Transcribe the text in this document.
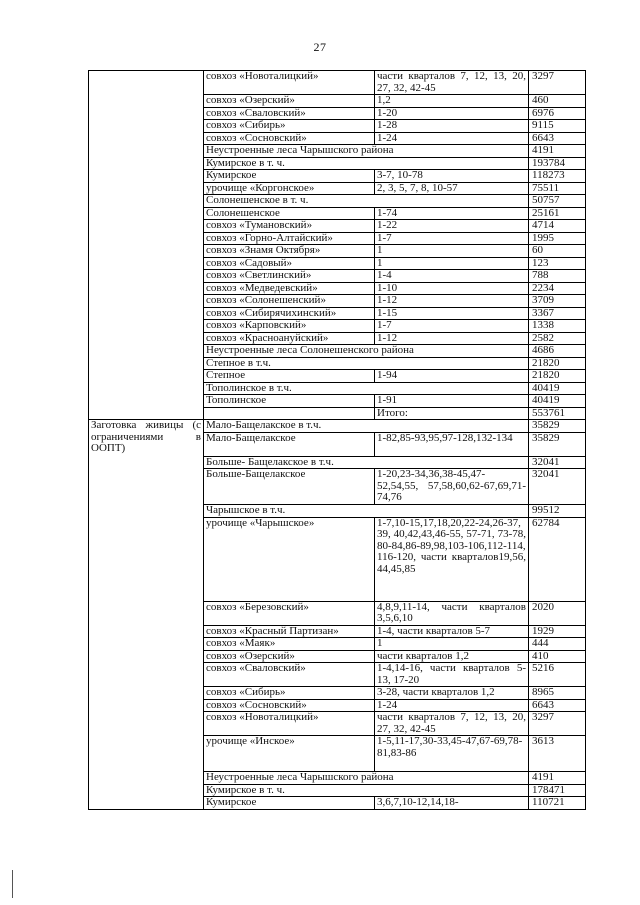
27
	совхоз «Новоталицкий»	части кварталов 7, 12, 13, 20, 27, 32, 42-45	3297
	совхоз «Озерский»	1,2	460
	совхоз «Сваловский»	1-20	6976
	совхоз «Сибирь»	1-28	9115
	совхоз «Сосновский»	1-24	6643
	Неустроенные леса Чарышского района		4191
	Кумирское в т. ч.		193784
	Кумирское	3-7, 10-78	118273
	урочище «Коргонское»	2, 3, 5, 7, 8, 10-57	75511
	Солонешенское в т. ч.		50757
	Солонешенское	1-74	25161
	совхоз «Тумановский»	1-22	4714
	совхоз «Горно-Алтайский»	1-7	1995
	совхоз «Знамя Октября»	1	60
	совхоз «Садовый»	1	123
	совхоз «Светлинский»	1-4	788
	совхоз «Медведевский»	1-10	2234
	совхоз «Солонешенский»	1-12	3709
	совхоз «Сибирячихинский»	1-15	3367
	совхоз «Карповский»	1-7	1338
	совхоз «Красноануйский»	1-12	2582
	Неустроенные леса Солонешенского района		4686
	Степное в т.ч.		21820
	Степное	1-94	21820
	Тополинское в т.ч.		40419
	Тополинское	1-91	40419
		Итого:	553761
Заготовка живицы (с ограничениями в ООПТ)	Мало-Бащелакское в т.ч.		35829
	Мало-Бащелакское	1-82,85-93,95,97-128,132-134	35829
	Больше- Бащелакское в т.ч.		32041
	Больше-Бащелакское	1-20,23-34,36,38-45,47-52,54,55, 57,58,60,62-67,69,71-74,76	32041
	Чарышское в т.ч.		99512
	урочище «Чарышское»	1-7,10-15,17,18,20,22-24,26-37, 39, 40,42,43,46-55, 57-71, 73-78, 80-84,86-89,98,103-106,112-114, 116-120, части кварталов19,56, 44,45,85	62784
	совхоз «Березовский»	4,8,9,11-14, части кварталов 3,5,6,10	2020
	совхоз «Красный Партизан»	1-4, части кварталов 5-7	1929
	совхоз «Маяк»	1	444
	совхоз «Озерский»	части кварталов 1,2	410
	совхоз «Сваловский»	1-4,14-16, части кварталов 5-13, 17-20	5216
	совхоз «Сибирь»	3-28, части кварталов 1,2	8965
	совхоз «Сосновский»	1-24	6643
	совхоз «Новоталицкий»	части кварталов 7, 12, 13, 20, 27, 32, 42-45	3297
	урочище «Инское»	1-5,11-17,30-33,45-47,67-69,78-81,83-86	3613
	Неустроенные леса Чарышского района		4191
	Кумирское в т. ч.		178471
	Кумирское	3,6,7,10-12,14,18-	110721
